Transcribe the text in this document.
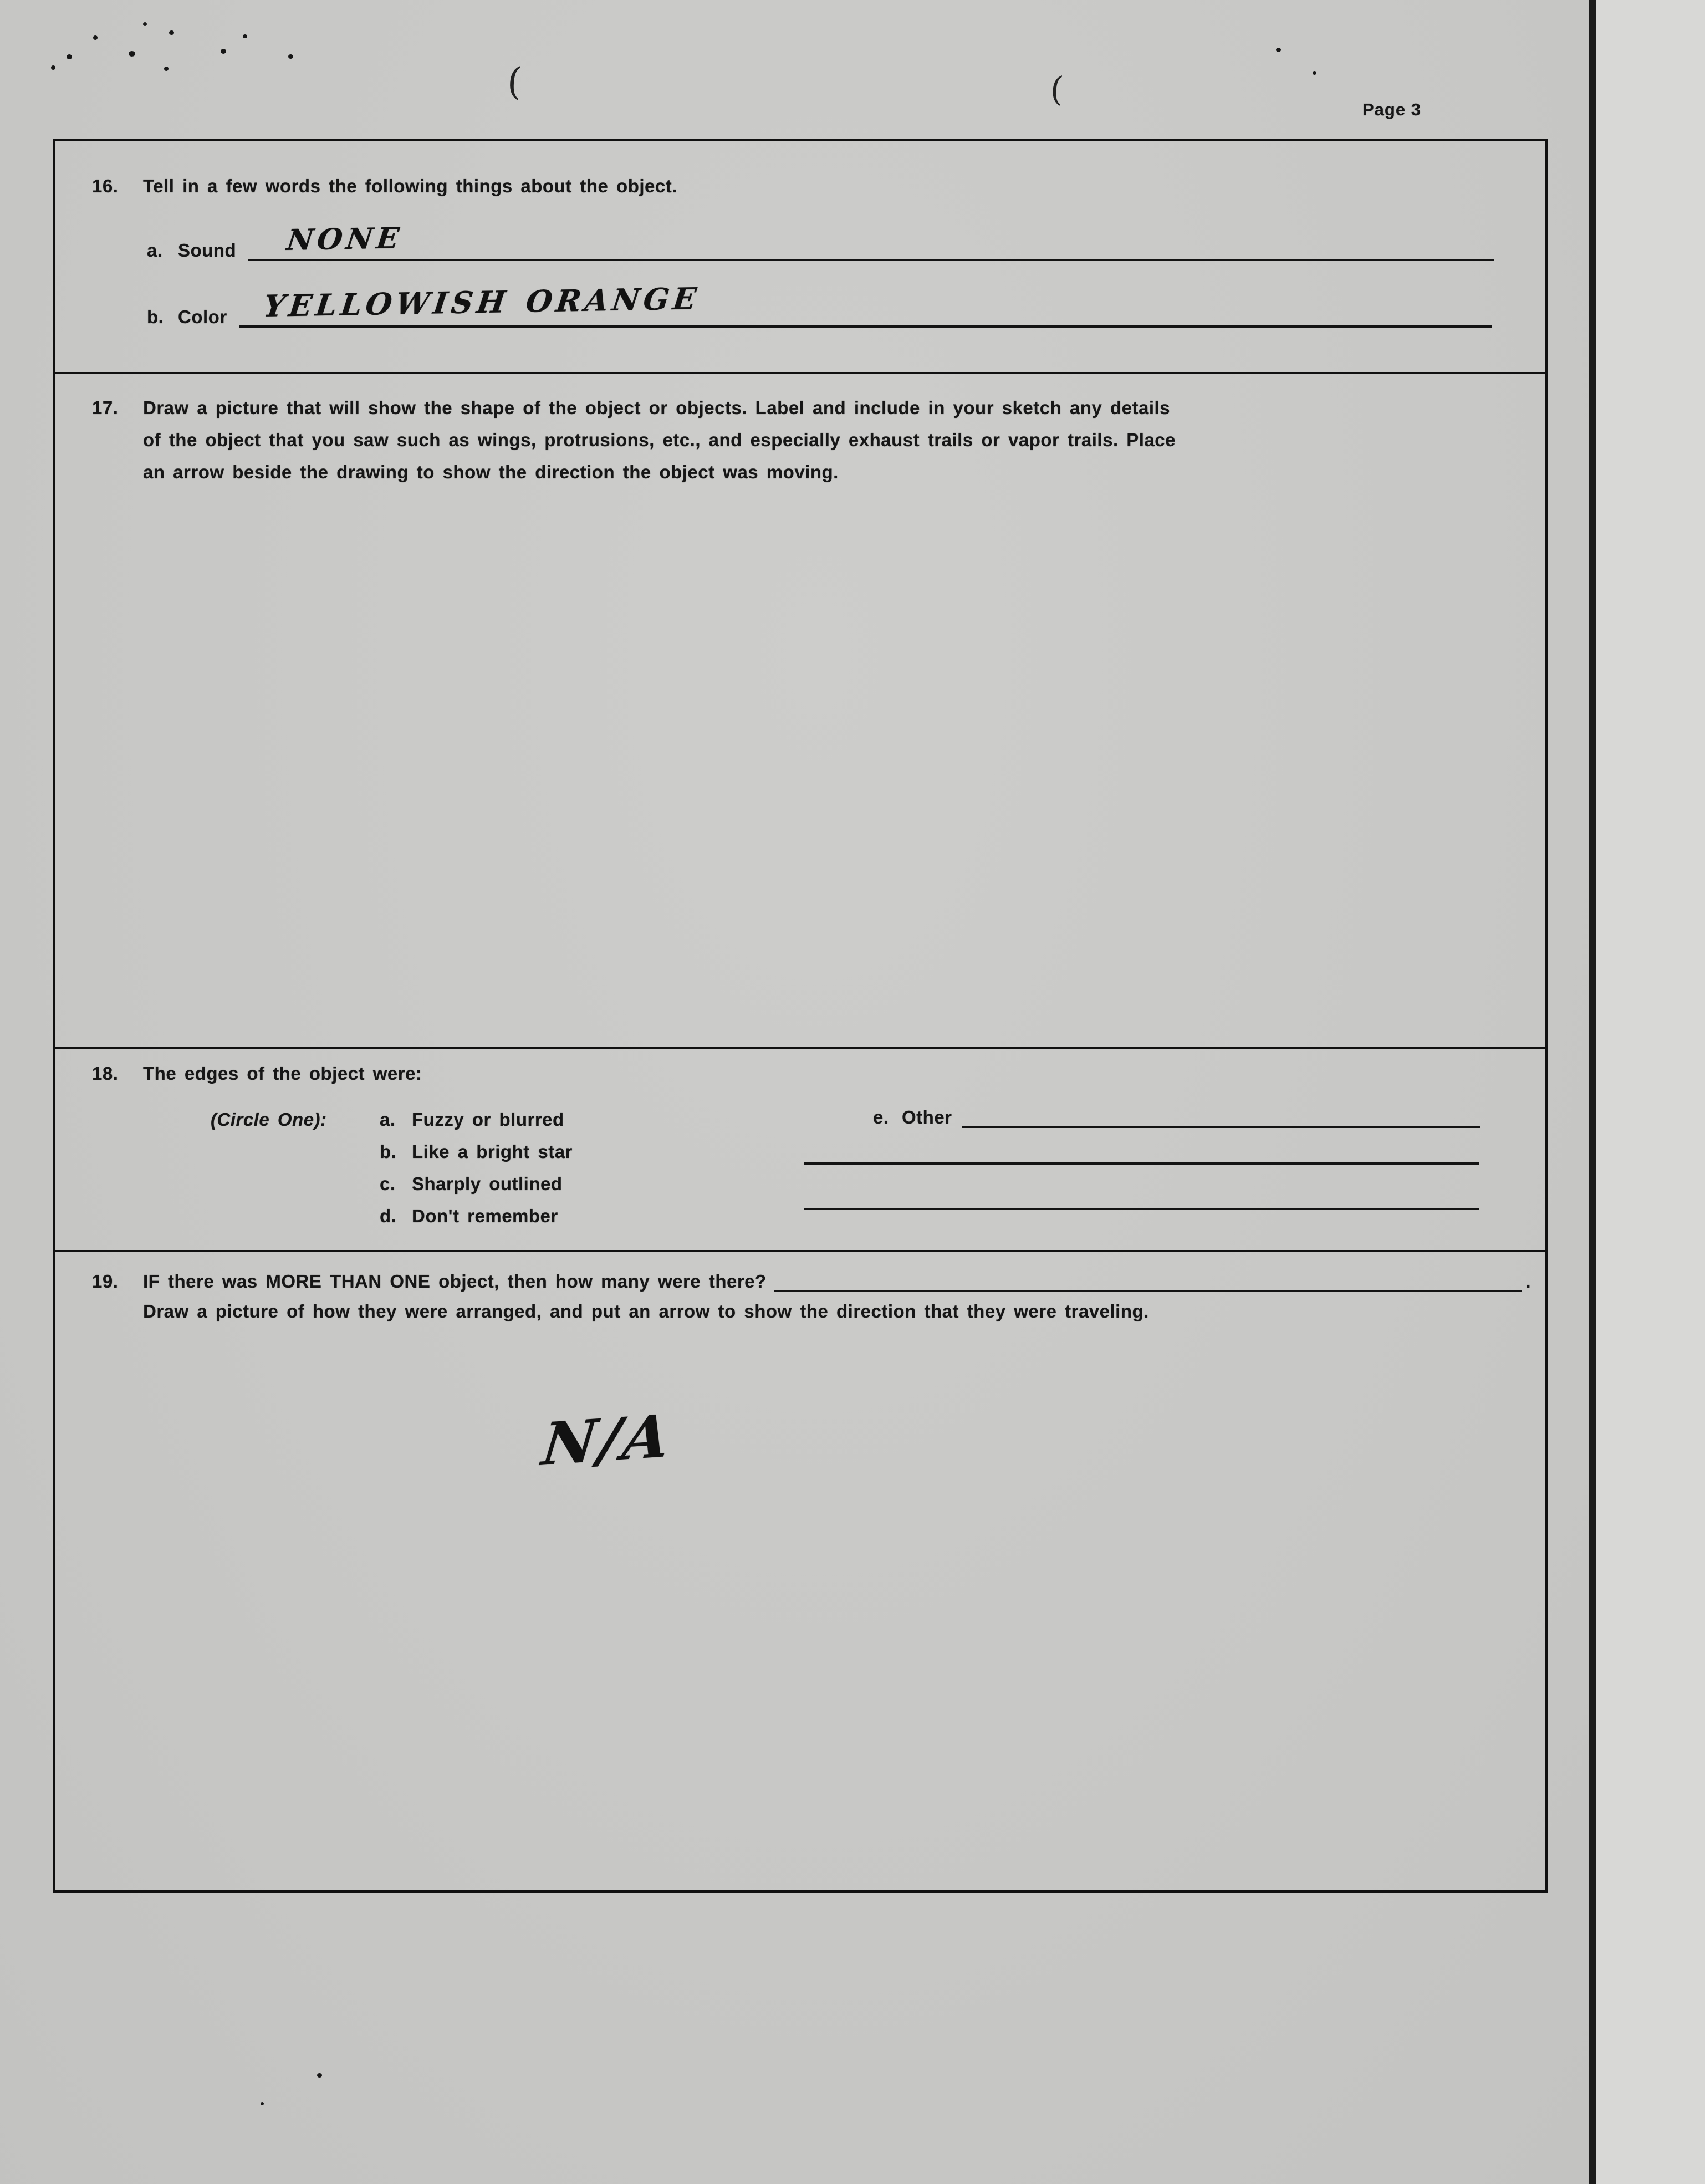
(	(
Page 3
16. Tell in a few words the following things about the object.
a. Sound NONE
b. Color YELLOWISH ORANGE
17. Draw a picture that will show the shape of the object or objects. Label and include in your sketch any details
of the object that you saw such as wings, protrusions, etc., and especially exhaust trails or vapor trails. Place
an arrow beside the drawing to show the direction the object was moving.
18. The edges of the object were:
(Circle One):	a. Fuzzy or blurred
b. Like a bright star
c. Sharply outlined
d. Don't remember
e. Other
19.	IF there was MORE THAN ONE object, then how many were there?	.
Draw a picture of how they were arranged, and put an arrow to show the direction that they were traveling.
N/A
